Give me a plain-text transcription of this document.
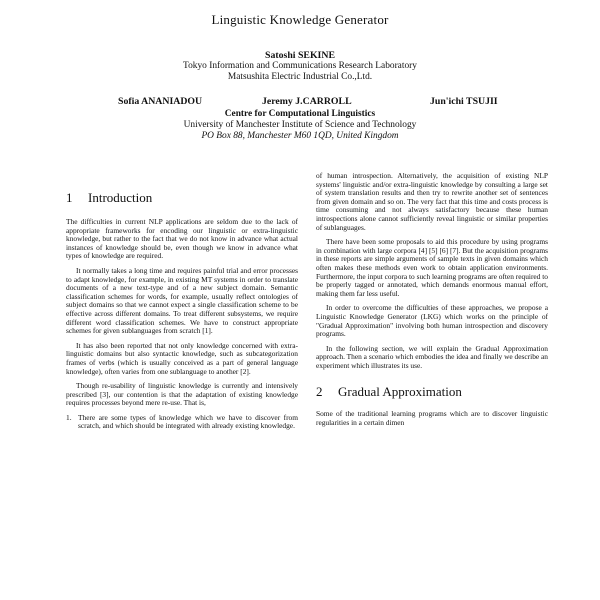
Linguistic Knowledge Generator
Satoshi SEKINE
Tokyo Information and Communications Research Laboratory
Matsushita Electric Industrial Co.,Ltd.
Sofia ANANIADOU	Jeremy J.CARROLL	Jun'ichi TSUJII
Centre for Computational Linguistics
University of Manchester Institute of Science and Technology
PO Box 88, Manchester M60 1QD, United Kingdom
1 Introduction

The difficulties in current NLP applications are seldom due to the lack of appropriate frameworks for encoding our linguistic or extra-linguistic knowledge, but rather to the fact that we do not know in advance what actual instances of knowledge should be, even though we know in advance what types of knowledge are required.

It normally takes a long time and requires painful trial and error processes to adapt knowledge, for example, in existing MT systems in order to translate documents of a new text-type and of a new subject domain. Semantic classification schemes for words, for example, usually reflect ontologies of subject domains so that we cannot expect a single classification scheme to be effective across different domains. To treat different subsystems, we require different word classification schemes. We have to construct appropriate schemes for given sublanguages from scratch [1].

It has also been reported that not only knowledge concerned with extra-linguistic domains but also syntactic knowledge, such as subcategorization frames of verbs (which is usually conceived as a part of general language knowledge), often varies from one sublanguage to another [2].

Though re-usability of linguistic knowledge is currently and intensively prescribed [3], our contention is that the adaptation of existing knowledge requires processes beyond mere re-use. That is,

1. There are some types of knowledge which we have to discover from scratch, and which should be integrated with already existing knowledge.

of human introspection. Alternatively, the acquisition of existing NLP systems' linguistic and/or extra-linguistic knowledge by consulting a large set of system translation results and then try to rewrite another set of sentences from given domain and so on. The very fact that this time and costs process is time consuming and not always satisfactory because these human introspections alone cannot sufficiently reveal linguistic or similar properties of sublanguages.

There have been some proposals to aid this procedure by using programs in combination with large corpora [4] [5] [6] [7]. But the acquisition programs in these reports are simple arguments of sample texts in given domains which often makes these methods even work to obtain application environments. Furthermore, the input corpora to such learning programs are often required to be properly tagged or annotated, which demands enormous manual effort, making them far less useful.

In order to overcome the difficulties of these approaches, we propose a Linguistic Knowledge Generator (LKG) which works on the principle of "Gradual Approximation" involving both human introspection and discovery programs.

In the following section, we will explain the Gradual Approximation approach. Then a scenario which embodies the idea and finally we describe an experiment which illustrates its use.

2 Gradual Approximation

Some of the traditional learning programs which are to discover linguistic regularities in a certain dimen
